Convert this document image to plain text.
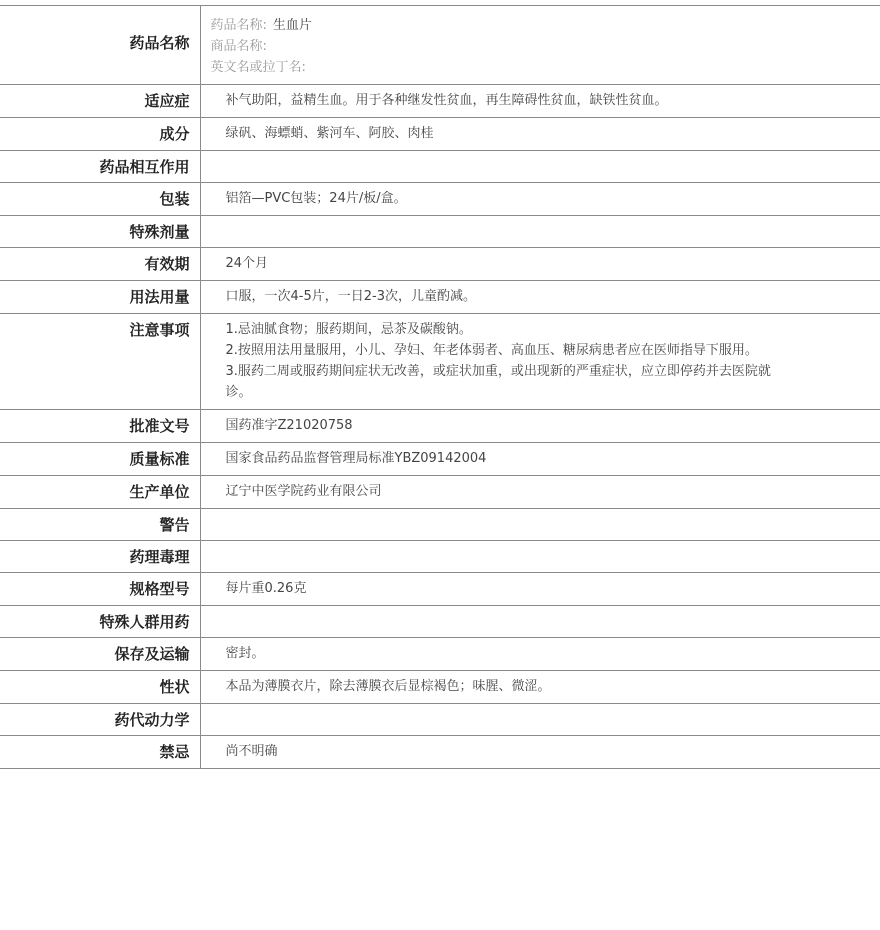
药品名称	药品名称: 生血片
商品名称:
英文名或拉丁名:

适应症	补气助阳，益精生血。用于各种继发性贫血，再生障碍性贫血，缺铁性贫血。

成分	绿矾、海螵蛸、紫河车、阿胶、肉桂

药品相互作用	

包装	铝箔—PVC包装；24片/板/盒。

特殊剂量	

有效期	24个月

用法用量	口服，一次4-5片，一日2-3次，儿童酌减。

注意事项	1.忌油腻食物；服药期间，忌茶及碳酸钠。
2.按照用法用量服用，小儿、孕妇、年老体弱者、高血压、糖尿病患者应在医师指导下服用。
3.服药二周或服药期间症状无改善，或症状加重，或出现新的严重症状，应立即停药并去医院就诊。

批准文号	国药准字Z21020758

质量标准	国家食品药品监督管理局标准YBZ09142004

生产单位	辽宁中医学院药业有限公司

警告	

药理毒理	

规格型号	每片重0.26克

特殊人群用药	

保存及运输	密封。

性状	本品为薄膜衣片，除去薄膜衣后显棕褐色；味腥、微涩。

药代动力学	

禁忌	尚不明确
